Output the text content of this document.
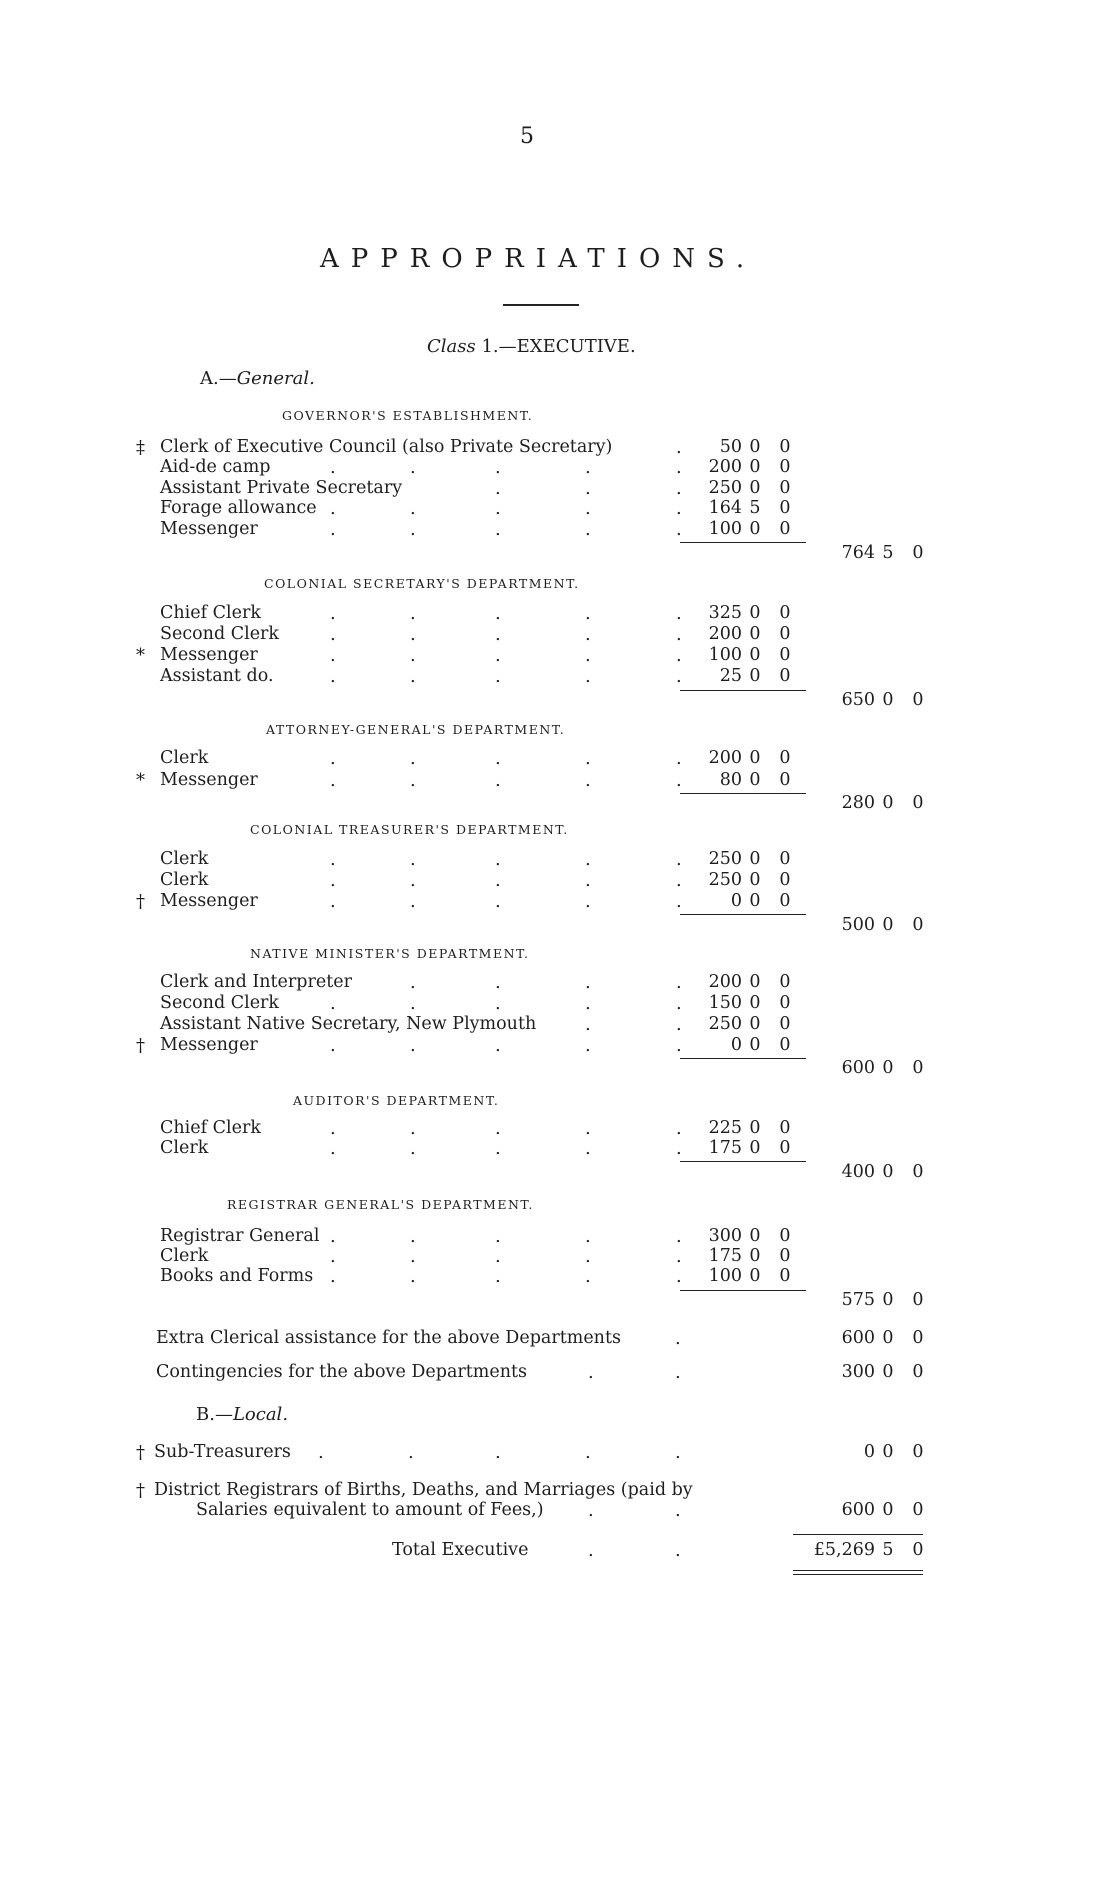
5
APPROPRIATIONS.
Class 1.—EXECUTIVE.
A.—General.
GOVERNOR'S ESTABLISHMENT.
‡ Clerk of Executive Council (also Private Secretary)	.	50 0	0
Aid-de camp	.	.	.	.	.	200 0	0
Assistant Private Secretary	.	.	.	250 0	0
Forage allowance .	.	.	.	.	164 5	0
Messenger	.	.	.	.	.	100 0	0
764 5	0
COLONIAL SECRETARY'S DEPARTMENT.
Chief Clerk	.	.	.	.	.	325 0	0
Second Clerk	.	.	.	.	.	200 0	0
* Messenger	.	.	.	.	.	100 0	0
Assistant do.	.	.	.	.	.	25 0	0
650 0	0
ATTORNEY-GENERAL'S DEPARTMENT.
Clerk	.	.	.	.	.	200 0	0
* Messenger	.	.	.	.	.	80 0	0
280 0	0
COLONIAL TREASURER'S DEPARTMENT.
Clerk	.	.	.	.	.	250 0	0
Clerk	.	.	.	.	.	250 0	0
† Messenger	.	.	.	.	.	0 0	0
500 0	0
NATIVE MINISTER'S DEPARTMENT.
Clerk and Interpreter	.	.	.	.	200 0	0
Second Clerk	.	.	.	.	.	150 0	0
Assistant Native Secretary, New Plymouth	.	.	250 0	0
† Messenger	.	.	.	.	.	0 0	0
600 0	0
AUDITOR'S DEPARTMENT.
Chief Clerk	.	.	.	.	.	225 0	0
Clerk	.	.	.	.	.	175 0	0
400 0	0
REGISTRAR GENERAL'S DEPARTMENT.
Registrar General .	.	.	.	.	300 0	0
Clerk	.	.	.	.	.	175 0	0
Books and Forms .	.	.	.	.	100 0	0
575 0	0
Extra Clerical assistance for the above Departments	.	600 0	0
Contingencies for the above Departments	.	.	300 0	0
B.—Local.
† Sub-Treasurers .	.	.	.	.	0 0	0
† District Registrars of Births, Deaths, and Marriages (paid by
Salaries equivalent to amount of Fees,) .	.	600 0	0
Total Executive	.	.	£5,269 5	0
